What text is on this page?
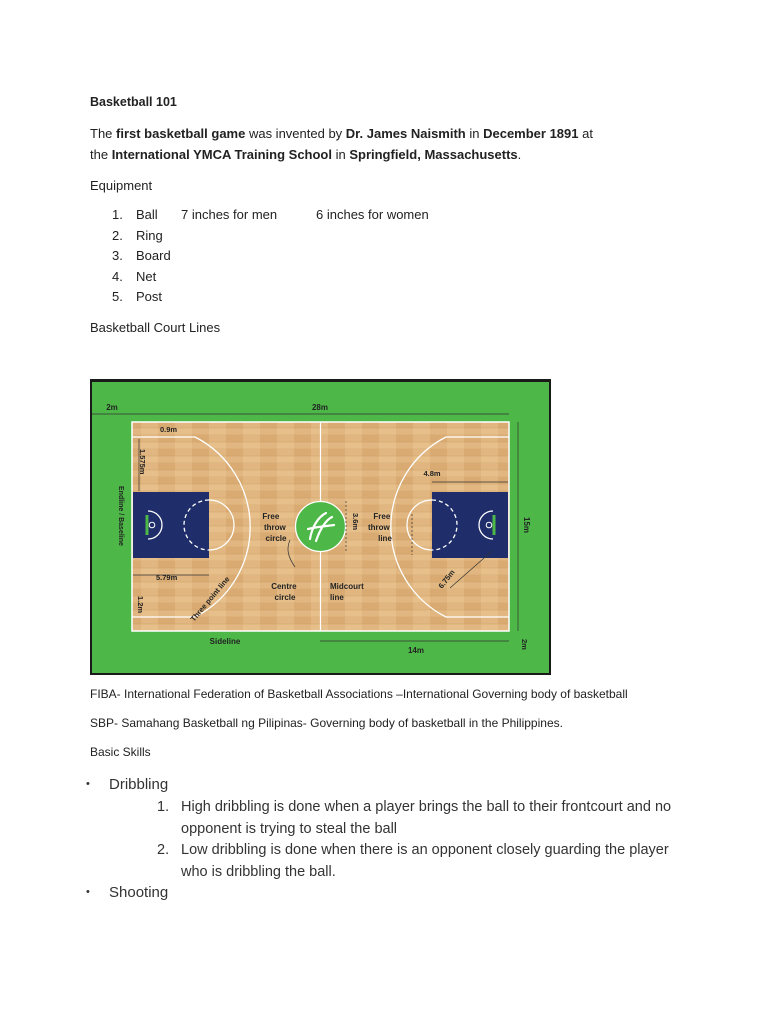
Basketball 101
The first basketball game was invented by Dr. James Naismith in December 1891 at
the International YMCA Training School in Springfield, Massachusetts.
Equipment
1. Ball 7 inches for men	6 inches for women
2. Ring
3. Board
4. Net
5. Post
Basketball Court Lines
2m	28m
0.9m
1.575m	4.8m
15m
3.6m
5.79m
1.2m
6.75m
14m
2m
Endline / Baseline
Sideline
Three point line
Free throw circle
Free throw line
Centre circle
Midcourt line
FIBA- International Federation of Basketball Associations –International Governing body of basketball
SBP- Samahang Basketball ng Pilipinas- Governing body of basketball in the Philippines.
Basic Skills
• Dribbling
1. High dribbling is done when a player brings the ball to their frontcourt and no opponent is trying to steal the ball
2. Low dribbling is done when there is an opponent closely guarding the player who is dribbling the ball.
• Shooting
